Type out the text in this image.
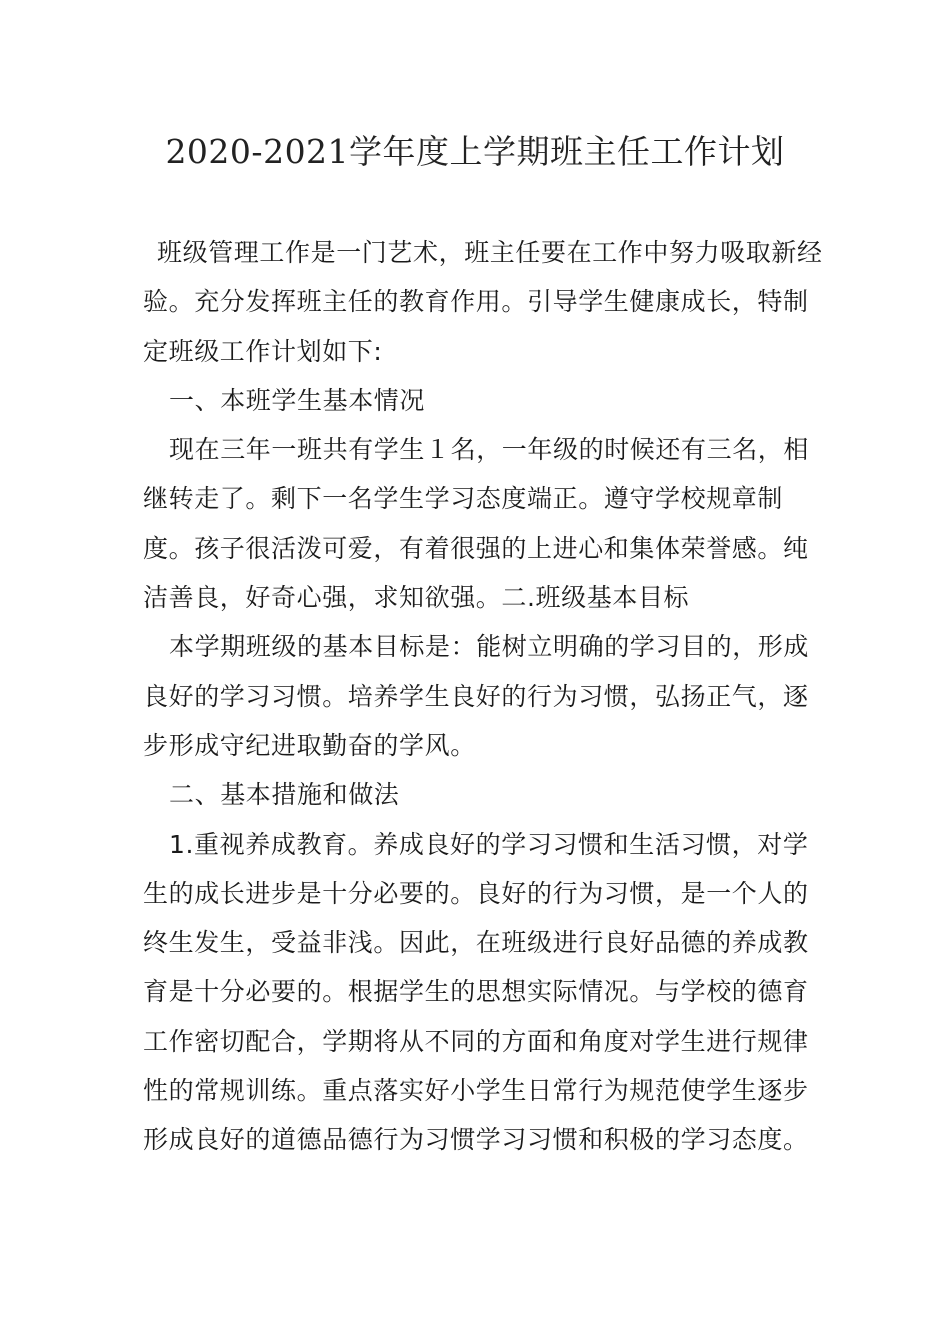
2020-2021学年度上学期班主任工作计划

班级管理工作是一门艺术，班主任要在工作中努力吸取新经验。充分发挥班主任的教育作用。引导学生健康成长，特制定班级工作计划如下:

一、本班学生基本情况

现在三年一班共有学生１名，一年级的时候还有三名，相继转走了。剩下一名学生学习态度端正。遵守学校规章制度。孩子很活泼可爱，有着很强的上进心和集体荣誉感。纯洁善良，好奇心强，求知欲强。二.班级基本目标

本学期班级的基本目标是：能树立明确的学习目的，形成良好的学习习惯。培养学生良好的行为习惯，弘扬正气，逐步形成守纪进取勤奋的学风。

二、基本措施和做法

1.重视养成教育。养成良好的学习习惯和生活习惯，对学生的成长进步是十分必要的。良好的行为习惯，是一个人的终生发生，受益非浅。因此，在班级进行良好品德的养成教育是十分必要的。根据学生的思想实际情况。与学校的德育工作密切配合，学期将从不同的方面和角度对学生进行规律性的常规训练。重点落实好小学生日常行为规范使学生逐步形成良好的道德品德行为习惯学习习惯和积极的学习态度。
